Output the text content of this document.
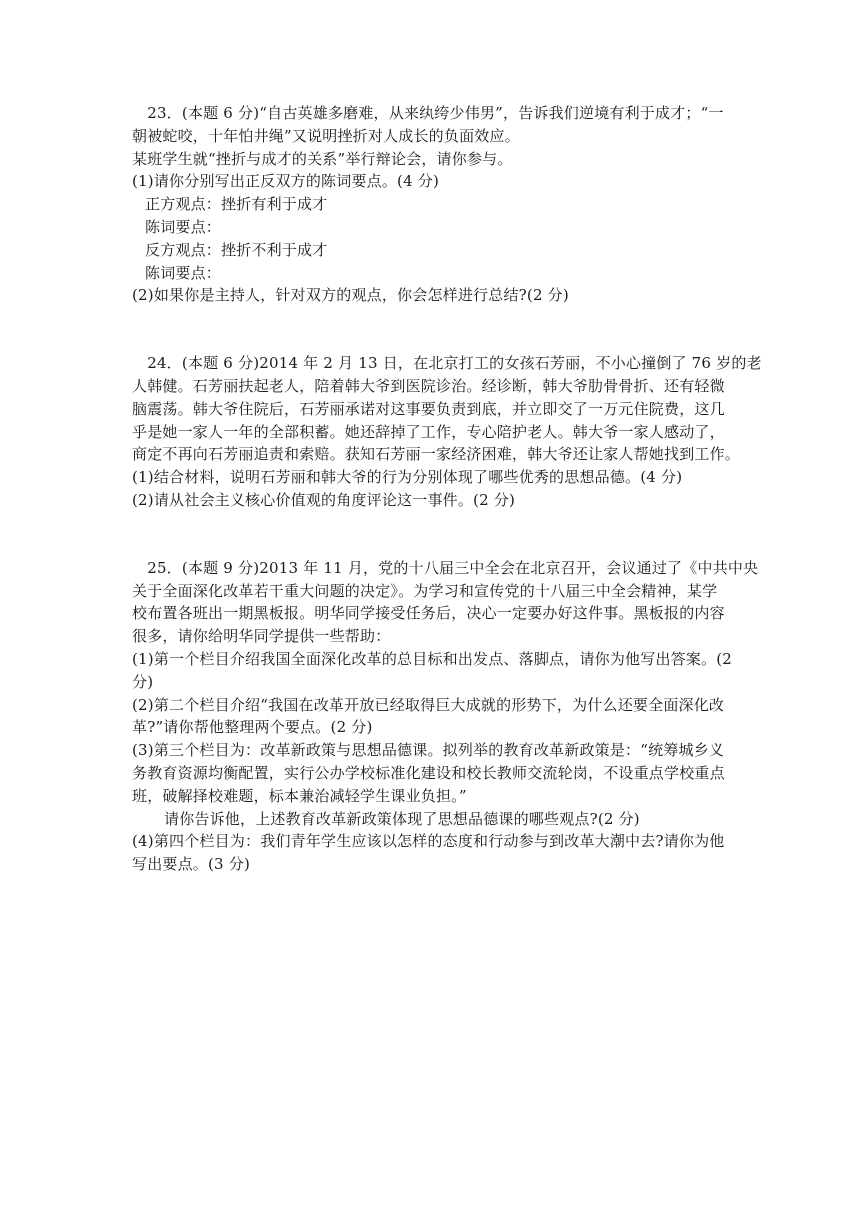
　23．(本题 6 分)“自古英雄多磨难，从来纨绔少伟男”，告诉我们逆境有利于成才；“一
朝被蛇咬，十年怕井绳”又说明挫折对人成长的负面效应。
某班学生就“挫折与成才的关系”举行辩论会，请你参与。
(1)请你分别写出正反双方的陈词要点。(4 分)
正方观点：挫折有利于成才
陈词要点：
反方观点：挫折不利于成才
陈词要点：
(2)如果你是主持人，针对双方的观点，你会怎样进行总结?(2 分)
　24．(本题 6 分)2014 年 2 月 13 日，在北京打工的女孩石芳丽，不小心撞倒了 76 岁的老
人韩健。石芳丽扶起老人，陪着韩大爷到医院诊治。经诊断，韩大爷肋骨骨折、还有轻微
脑震荡。韩大爷住院后，石芳丽承诺对这事要负责到底，并立即交了一万元住院费，这几
乎是她一家人一年的全部积蓄。她还辞掉了工作，专心陪护老人。韩大爷一家人感动了，
商定不再向石芳丽追责和索赔。获知石芳丽一家经济困难，韩大爷还让家人帮她找到工作。
(1)结合材料，说明石芳丽和韩大爷的行为分别体现了哪些优秀的思想品德。(4 分)
(2)请从社会主义核心价值观的角度评论这一事件。(2 分)
　25．(本题 9 分)2013 年 11 月，党的十八届三中全会在北京召开，会议通过了《中共中央
关于全面深化改革若干重大问题的决定》。为学习和宣传党的十八届三中全会精神，某学
校布置各班出一期黑板报。明华同学接受任务后，决心一定要办好这件事。黑板报的内容
很多，请你给明华同学提供一些帮助：
(1)第一个栏目介绍我国全面深化改革的总目标和出发点、落脚点，请你为他写出答案。(2
分)
(2)第二个栏目介绍“我国在改革开放已经取得巨大成就的形势下，为什么还要全面深化改
革?”请你帮他整理两个要点。(2 分)
(3)第三个栏目为：改革新政策与思想品德课。拟列举的教育改革新政策是：“统筹城乡义
务教育资源均衡配置，实行公办学校标准化建设和校长教师交流轮岗，不设重点学校重点
班，破解择校难题，标本兼治减轻学生课业负担。”
请你告诉他，上述教育改革新政策体现了思想品德课的哪些观点?(2 分)
(4)第四个栏目为：我们青年学生应该以怎样的态度和行动参与到改革大潮中去?请你为他
写出要点。(3 分)
